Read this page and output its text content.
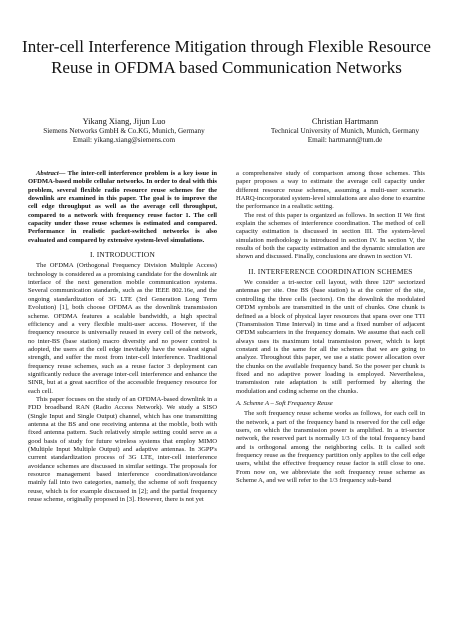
Inter-cell Interference Mitigation through Flexible Resource Reuse in OFDMA based Communication Networks
Yikang Xiang, Jijun Luo
Siemens Networks GmbH & Co.KG, Munich, Germany
Email: yikang.xiang@siemens.com
Christian Hartmann
Technical University of Munich, Munich, Germany
Email: hartmann@tum.de

Abstract— The inter-cell interference problem is a key issue in OFDMA-based mobile cellular networks. In order to deal with this problem, several flexible radio resource reuse schemes for the downlink are examined in this paper. The goal is to improve the cell edge throughput as well as the average cell throughput, compared to a network with frequency reuse factor 1. The cell capacity under those reuse schemes is estimated and compared. Performance in realistic packet-switched networks is also evaluated and compared by extensive system-level simulations.

I. INTRODUCTION

The OFDMA (Orthogonal Frequency Division Multiple Access) technology is considered as a promising candidate for the downlink air interface of the next generation mobile communication systems. Several communication standards, such as the IEEE 802.16e, and the ongoing standardization of 3G LTE (3rd Generation Long Term Evolution) [1], both choose OFDMA as the downlink transmission scheme. OFDMA features a scalable bandwidth, a high spectral efficiency and a very flexible multi-user access. However, if the frequency resource is universally reused in every cell of the network, no inter-BS (base station) macro diversity and no power control is adopted, the users at the cell edge inevitably have the weakest signal strength, and suffer the most from inter-cell interference. Traditional frequency reuse schemes, such as a reuse factor 3 deployment can significantly reduce the average inter-cell interference and enhance the SINR, but at a great sacrifice of the accessible frequency resource for each cell.

This paper focuses on the study of an OFDMA-based downlink in a FDD broadband RAN (Radio Access Network). We study a SISO (Single Input and Single Output) channel, which has one transmitting antenna at the BS and one receiving antenna at the mobile, both with fixed antenna pattern. Such relatively simple setting could serve as a good basis of study for future wireless systems that employ MIMO (Multiple Input Multiple Output) and adaptive antennas. In 3GPP's current standardization process of 3G LTE, inter-cell interference avoidance schemes are discussed in similar settings. The proposals for resource management based interference coordination/avoidance mainly fall into two categories, namely, the scheme of soft frequency reuse, which is for example discussed in [2]; and the partial frequency reuse scheme, originally proposed in [3]. However, there is not yet

a comprehensive study of comparison among those schemes. This paper proposes a way to estimate the average cell capacity under different resource reuse schemes, assuming a multi-user scenario. HARQ-incorporated system-level simulations are also done to examine the performance in a realistic setting.

The rest of this paper is organized as follows. In section II We first explain the schemes of interference coordination. The method of cell capacity estimation is discussed in section III. The system-level simulation methodology is introduced in section IV. In section V, the results of both the capacity estimation and the dynamic simulation are shown and discussed. Finally, conclusions are drawn in section VI.

II. INTERFERENCE COORDINATION SCHEMES

We consider a tri-sector cell layout, with three 120° sectorized antennas per site. One BS (base station) is at the center of the site, controlling the three cells (sectors). On the downlink the modulated OFDM symbols are transmitted in the unit of chunks. One chunk is defined as a block of physical layer resources that spans over one TTI (Transmission Time Interval) in time and a fixed number of adjacent OFDM subcarriers in the frequency domain. We assume that each cell always uses its maximum total transmission power, which is kept constant and is the same for all the schemes that we are going to analyze. Throughout this paper, we use a static power allocation over the chunks on the available frequency band. So the power per chunk is fixed and no adaptive power loading is employed. Nevertheless, transmission rate adaptation is still performed by altering the modulation and coding scheme on the chunks.

A. Scheme A – Soft Frequency Reuse

The soft frequency reuse scheme works as follows, for each cell in the network, a part of the frequency band is reserved for the cell edge users, on which the transmission power is amplified. In a tri-sector network, the reserved part is normally 1/3 of the total frequency band and is orthogonal among the neighboring cells. It is called soft frequency reuse as the frequency partition only applies to the cell edge users, whilst the effective frequency reuse factor is still close to one. From now on, we abbreviate the soft frequency reuse scheme as Scheme A, and we will refer to the 1/3 frequency sub-band
